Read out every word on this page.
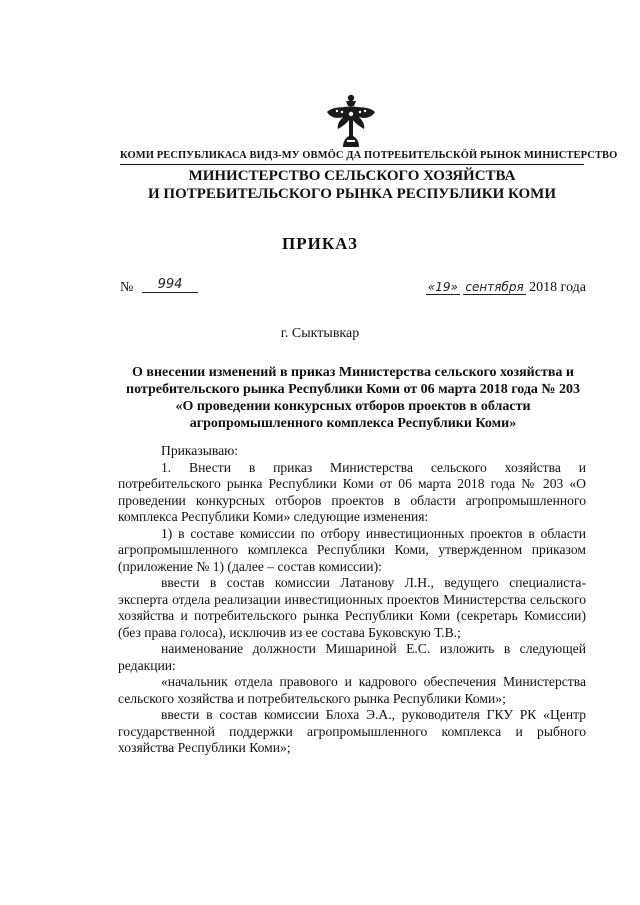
КОМИ РЕСПУБЛИКАСА ВИДЗ-МУ ОВМÖС ДА ПОТРЕБИТЕЛЬСКÖЙ РЫНОК МИНИСТЕРСТВО
МИНИСТЕРСТВО СЕЛЬСКОГО ХОЗЯЙСТВА
И ПОТРЕБИТЕЛЬСКОГО РЫНКА РЕСПУБЛИКИ КОМИ
ПРИКАЗ
№	994	«19» сентября 2018 года
г. Сыктывкар
О внесении изменений в приказ Министерства сельского хозяйства и
потребительского рынка Республики Коми от 06 марта 2018 года № 203
«О проведении конкурсных отборов проектов в области
агропромышленного комплекса Республики Коми»

Приказываю:

1. Внести в приказ Министерства сельского хозяйства и потребительского рынка Республики Коми от 06 марта 2018 года № 203 «О проведении конкурсных отборов проектов в области агропромышленного комплекса Республики Коми» следующие изменения:

1) в составе комиссии по отбору инвестиционных проектов в области агропромышленного комплекса Республики Коми, утвержденном приказом (приложение № 1) (далее – состав комиссии):

ввести в состав комиссии Латанову Л.Н., ведущего специалиста-эксперта отдела реализации инвестиционных проектов Министерства сельского хозяйства и потребительского рынка Республики Коми (секретарь Комиссии) (без права голоса), исключив из ее состава Буковскую Т.В.;

наименование должности Мишариной Е.С. изложить в следующей редакции:

«начальник отдела правового и кадрового обеспечения Министерства сельского хозяйства и потребительского рынка Республики Коми»;

ввести в состав комиссии Блоха Э.А., руководителя ГКУ РК «Центр государственной поддержки агропромышленного комплекса и рыбного хозяйства Республики Коми»;
